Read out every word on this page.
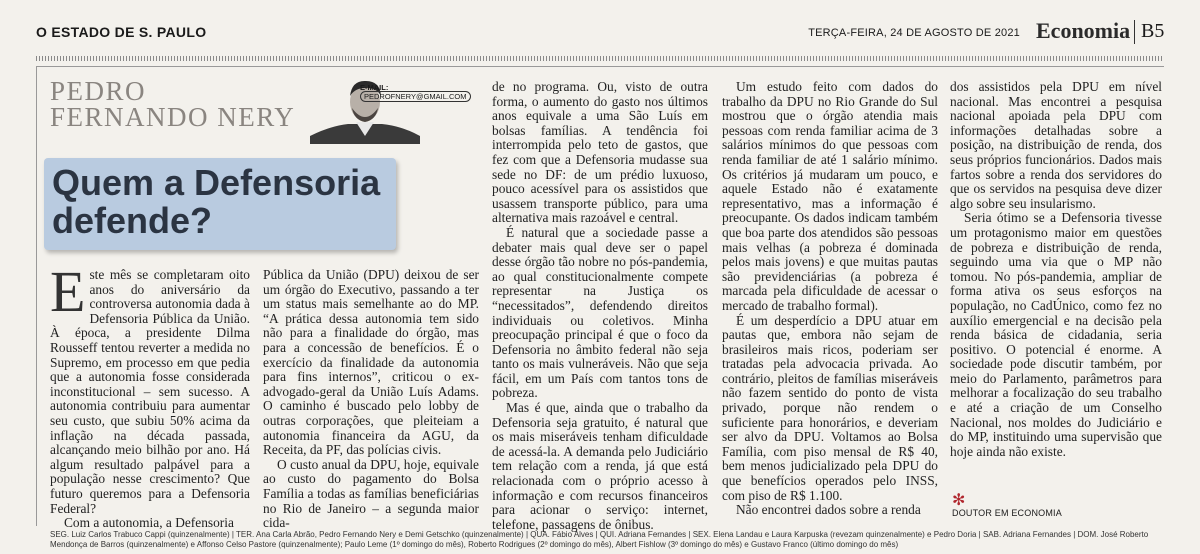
O ESTADO DE S. PAULO	TERÇA-FEIRA, 24 DE AGOSTO DE 2021 Economia B5
PEDRO
FERNANDO NERY
E-MAIL: PEDROFNERY@GMAIL.COM
Quem a Defensoria defende?

Este mês se completaram oito anos do aniversário da controversa autonomia dada à Defensoria Pública da União. À época, a presidente Dilma Rousseff tentou reverter a medida no Supremo, em processo em que pedia que a autonomia fosse considerada inconstitucional – sem sucesso. A autonomia contribuiu para aumentar seu custo, que subiu 50% acima da inflação na década passada, alcançando meio bilhão por ano. Há algum resultado palpável para a população nesse crescimento? Que futuro queremos para a Defensoria Federal?

Com a autonomia, a Defensoria

Pública da União (DPU) deixou de ser um órgão do Executivo, passando a ter um status mais semelhante ao do MP. “A prática dessa autonomia tem sido não para a finalidade do órgão, mas para a concessão de benefícios. É o exercício da finalidade da autonomia para fins internos”, criticou o ex-advogado-geral da União Luís Adams. O caminho é buscado pelo lobby de outras corporações, que pleiteiam a autonomia financeira da AGU, da Receita, da PF, das polícias civis.

O custo anual da DPU, hoje, equivale ao custo do pagamento do Bolsa Família a todas as famílias beneficiárias no Rio de Janeiro – a segunda maior cida-

de no programa. Ou, visto de outra forma, o aumento do gasto nos últimos anos equivale a uma São Luís em bolsas famílias. A tendência foi interrompida pelo teto de gastos, que fez com que a Defensoria mudasse sua sede no DF: de um prédio luxuoso, pouco acessível para os assistidos que usassem transporte público, para uma alternativa mais razoável e central.

É natural que a sociedade passe a debater mais qual deve ser o papel desse órgão tão nobre no pós-pandemia, ao qual constitucionalmente compete representar na Justiça os “necessitados”, defendendo direitos individuais ou coletivos. Minha preocupação principal é que o foco da Defensoria no âmbito federal não seja tanto os mais vulneráveis. Não que seja fácil, em um País com tantos tons de pobreza.

Mas é que, ainda que o trabalho da Defensoria seja gratuito, é natural que os mais miseráveis tenham dificuldade de acessá-la. A demanda pelo Judiciário tem relação com a renda, já que está relacionada com o próprio acesso à informação e com recursos financeiros para acionar o serviço: internet, telefone, passagens de ônibus.

Um estudo feito com dados do trabalho da DPU no Rio Grande do Sul mostrou que o órgão atendia mais pessoas com renda familiar acima de 3 salários mínimos do que pessoas com renda familiar de até 1 salário mínimo. Os critérios já mudaram um pouco, e aquele Estado não é exatamente representativo, mas a informação é preocupante. Os dados indicam também que boa parte dos atendidos são pessoas mais velhas (a pobreza é dominada pelos mais jovens) e que muitas pautas são previdenciárias (a pobreza é marcada pela dificuldade de acessar o mercado de trabalho formal).

É um desperdício a DPU atuar em pautas que, embora não sejam de brasileiros mais ricos, poderiam ser tratadas pela advocacia privada. Ao contrário, pleitos de famílias miseráveis não fazem sentido do ponto de vista privado, porque não rendem o suficiente para honorários, e deveriam ser alvo da DPU. Voltamos ao Bolsa Família, com piso mensal de R$ 40, bem menos judicializado pela DPU do que benefícios operados pelo INSS, com piso de R$ 1.100.

Não encontrei dados sobre a renda

dos assistidos pela DPU em nível nacional. Mas encontrei a pesquisa nacional apoiada pela DPU com informações detalhadas sobre a posição, na distribuição de renda, dos seus próprios funcionários. Dados mais fartos sobre a renda dos servidores do que os servidos na pesquisa deve dizer algo sobre seu insularismo.

Seria ótimo se a Defensoria tivesse um protagonismo maior em questões de pobreza e distribuição de renda, seguindo uma via que o MP não tomou. No pós-pandemia, ampliar de forma ativa os seus esforços na população, no CadÚnico, como fez no auxílio emergencial e na decisão pela renda básica de cidadania, seria positivo. O potencial é enorme. A sociedade pode discutir também, por meio do Parlamento, parâmetros para melhorar a focalização do seu trabalho e até a criação de um Conselho Nacional, nos moldes do Judiciário e do MP, instituindo uma supervisão que hoje ainda não existe.

✻
DOUTOR EM ECONOMIA
SEG. Luiz Carlos Trabuco Cappi (quinzenalmente) | TER. Ana Carla Abrão, Pedro Fernando Nery e Demi Getschko (quinzenalmente) | QUA. Fábio Alves | QUI. Adriana Fernandes | SEX. Elena Landau e Laura Karpuska (revezam quinzenalmente) e Pedro Doria | SAB. Adriana Fernandes | DOM. José Roberto Mendonça de Barros (quinzenalmente) e Affonso Celso Pastore (quinzenalmente); Paulo Leme (1º domingo do mês), Roberto Rodrigues (2º domingo do mês), Albert Fishlow (3º domingo do mês) e Gustavo Franco (último domingo do mês)
